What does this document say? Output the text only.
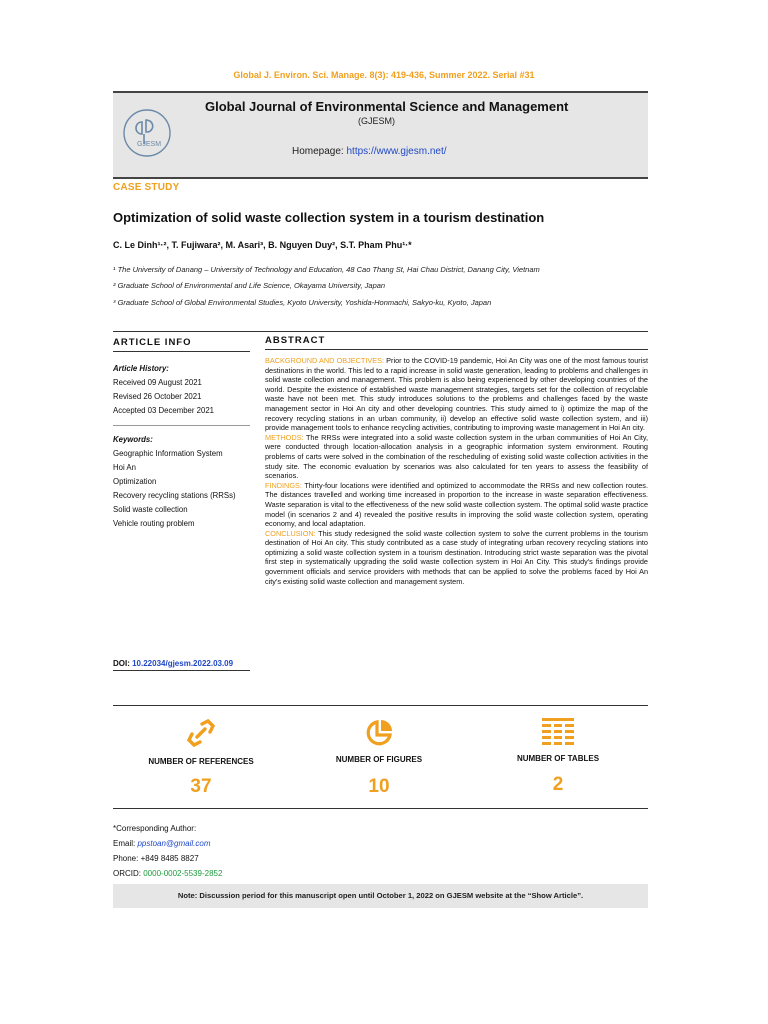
Global J. Environ. Sci. Manage. 8(3): 419-436, Summer 2022. Serial #31
GJESM
Global Journal of Environmental Science and Management
(GJESM)
Homepage: https://www.gjesm.net/
CASE STUDY
Optimization of solid waste collection system in a tourism destination
C. Le Dinh¹·², T. Fujiwara², M. Asari³, B. Nguyen Duy², S.T. Pham Phu¹·*
¹ The University of Danang – University of Technology and Education, 48 Cao Thang St, Hai Chau District, Danang City, Vietnam
² Graduate School of Environmental and Life Science, Okayama University, Japan
³ Graduate School of Global Environmental Studies, Kyoto University, Yoshida-Honmachi, Sakyo-ku, Kyoto, Japan
ARTICLE INFO
Article History:
Received 09 August 2021
Revised 26 October 2021
Accepted 03 December 2021
Keywords:
Geographic Information System
Hoi An
Optimization
Recovery recycling stations (RRSs)
Solid waste collection
Vehicle routing problem
ABSTRACT
BACKGROUND AND OBJECTIVES: Prior to the COVID-19 pandemic, Hoi An City was one of the most famous tourist destinations in the world. This led to a rapid increase in solid waste generation, leading to problems and challenges in solid waste collection and management. This problem is also being experienced by other developing countries of the world. Despite the existence of established waste management strategies, targets set for the collection of recyclable waste have not been met. This study introduces solutions to the problems and challenges faced by the waste management sector in Hoi An city and other developing countries. This study aimed to i) optimize the map of the recovery recycling stations in an urban community, ii) develop an effective solid waste collection system, and iii) provide management tools to enhance recycling activities, contributing to improving waste management in Hoi An city.
METHODS: The RRSs were integrated into a solid waste collection system in the urban communities of Hoi An City, were conducted through location-allocation analysis in a geographic information system environment. Routing problems of carts were solved in the combination of the rescheduling of existing solid waste collection activities in the study site. The economic evaluation by scenarios was also calculated for ten years to assess the feasibility of scenarios.
FINDINGS: Thirty-four locations were identified and optimized to accommodate the RRSs and new collection routes. The distances travelled and working time increased in proportion to the increase in waste separation effectiveness. Waste separation is vital to the effectiveness of the new solid waste collection system. The optimal solid waste practice model (in scenarios 2 and 4) revealed the positive results in improving the solid waste collection system, operating economy, and local adaptation.
CONCLUSION: This study redesigned the solid waste collection system to solve the current problems in the tourism destination of Hoi An city. This study contributed as a case study of integrating urban recovery recycling stations into optimizing a solid waste collection system in a tourism destination. Introducing strict waste separation was the pivotal first step in systematically upgrading the solid waste collection system in Hoi An City. This study's findings provide government officials and service providers with methods that can be applied to solve the problems faced by Hoi An city's existing solid waste collection and management system.
DOI: 10.22034/gjesm.2022.03.09
NUMBER OF REFERENCES	NUMBER OF FIGURES	NUMBER OF TABLES
37	10	2
*Corresponding Author:
Email: ppstoan@gmail.com
Phone: +849 8485 8827
ORCID: 0000-0002-5539-2852
Note: Discussion period for this manuscript open until October 1, 2022 on GJESM website at the “Show Article”.
